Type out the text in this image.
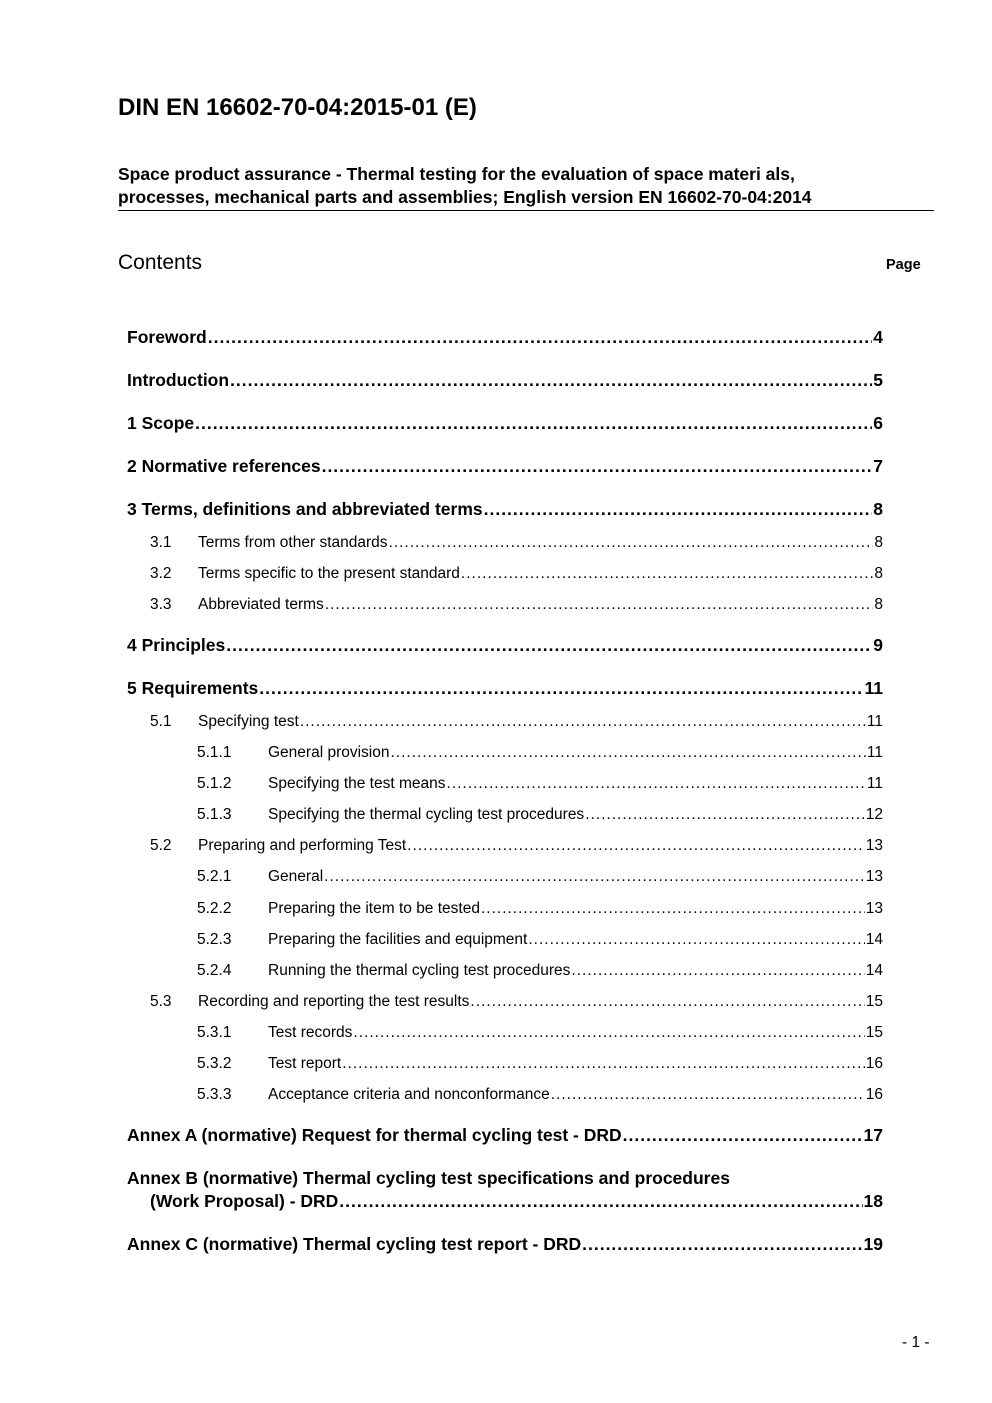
DIN EN 16602-70-04:2015-01 (E)
Space product assurance - Thermal testing for the evaluation of space materi als,
processes, mechanical parts and assemblies; English version EN 16602-70-04:2014
Contents	Page
Foreword .....	4
Introduction .....	5
1 Scope .....	6
2 Normative references .....	7
3 Terms, definitions and abbreviated terms .....	8
3.1	Terms from other standards .....	8
3.2	Terms specific to the present standard .....	8
3.3	Abbreviated terms .....	8
4 Principles .....	9
5 Requirements .....	11
5.1	Specifying test .....	11
5.1.1	General provision .....	11
5.1.2	Specifying the test means .....	11
5.1.3	Specifying the thermal cycling test procedures .....	12
5.2	Preparing and performing Test .....	13
5.2.1	General .....	13
5.2.2	Preparing the item to be tested .....	13
5.2.3	Preparing the facilities and equipment .....	14
5.2.4	Running the thermal cycling test procedures .....	14
5.3	Recording and reporting the test results .....	15
5.3.1	Test records .....	15
5.3.2	Test report .....	16
5.3.3	Acceptance criteria and nonconformance .....	16
Annex A (normative) Request for thermal cycling test - DRD .....	17
Annex B (normative) Thermal cycling test specifications and procedures
(Work Proposal) - DRD .....	18
Annex C (normative) Thermal cycling test report - DRD .....	19
- 1 -
